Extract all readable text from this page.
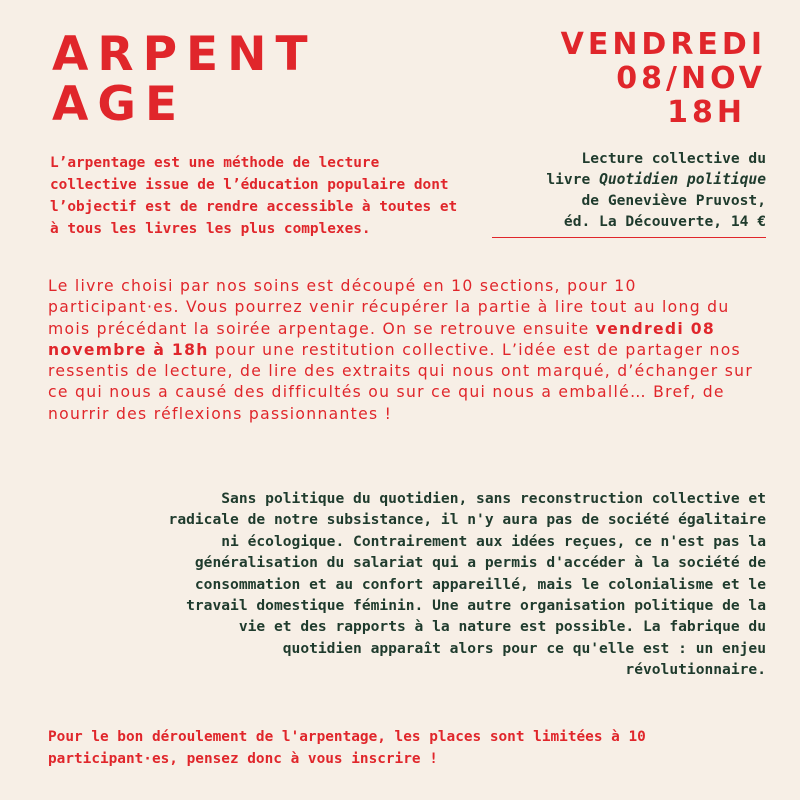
ARPENT
AGE
VENDREDI
08/NOV
18H
L’arpentage est une méthode de lecture collective issue de l’éducation populaire dont l’objectif est de rendre accessible à toutes et à tous les livres les plus complexes.
Lecture collective du
livre Quotidien politique
de Geneviève Pruvost,
éd. La Découverte, 14 €
Le livre choisi par nos soins est découpé en 10 sections, pour 10 participant·es. Vous pourrez venir récupérer la partie à lire tout au long du mois précédant la soirée arpentage. On se retrouve ensuite vendredi 08 novembre à 18h pour une restitution collective. L’idée est de partager nos ressentis de lecture, de lire des extraits qui nous ont marqué, d’échanger sur ce qui nous a causé des difficultés ou sur ce qui nous a emballé… Bref, de nourrir des réflexions passionnantes !
Sans politique du quotidien, sans reconstruction collective et radicale de notre subsistance, il n'y aura pas de société égalitaire ni écologique. Contrairement aux idées reçues, ce n'est pas la généralisation du salariat qui a permis d'accéder à la société de consommation et au confort appareillé, mais le colonialisme et le travail domestique féminin. Une autre organisation politique de la vie et des rapports à la nature est possible. La fabrique du quotidien apparaît alors pour ce qu'elle est : un enjeu révolutionnaire.
Pour le bon déroulement de l'arpentage, les places sont limitées à 10 participant·es, pensez donc à vous inscrire !
